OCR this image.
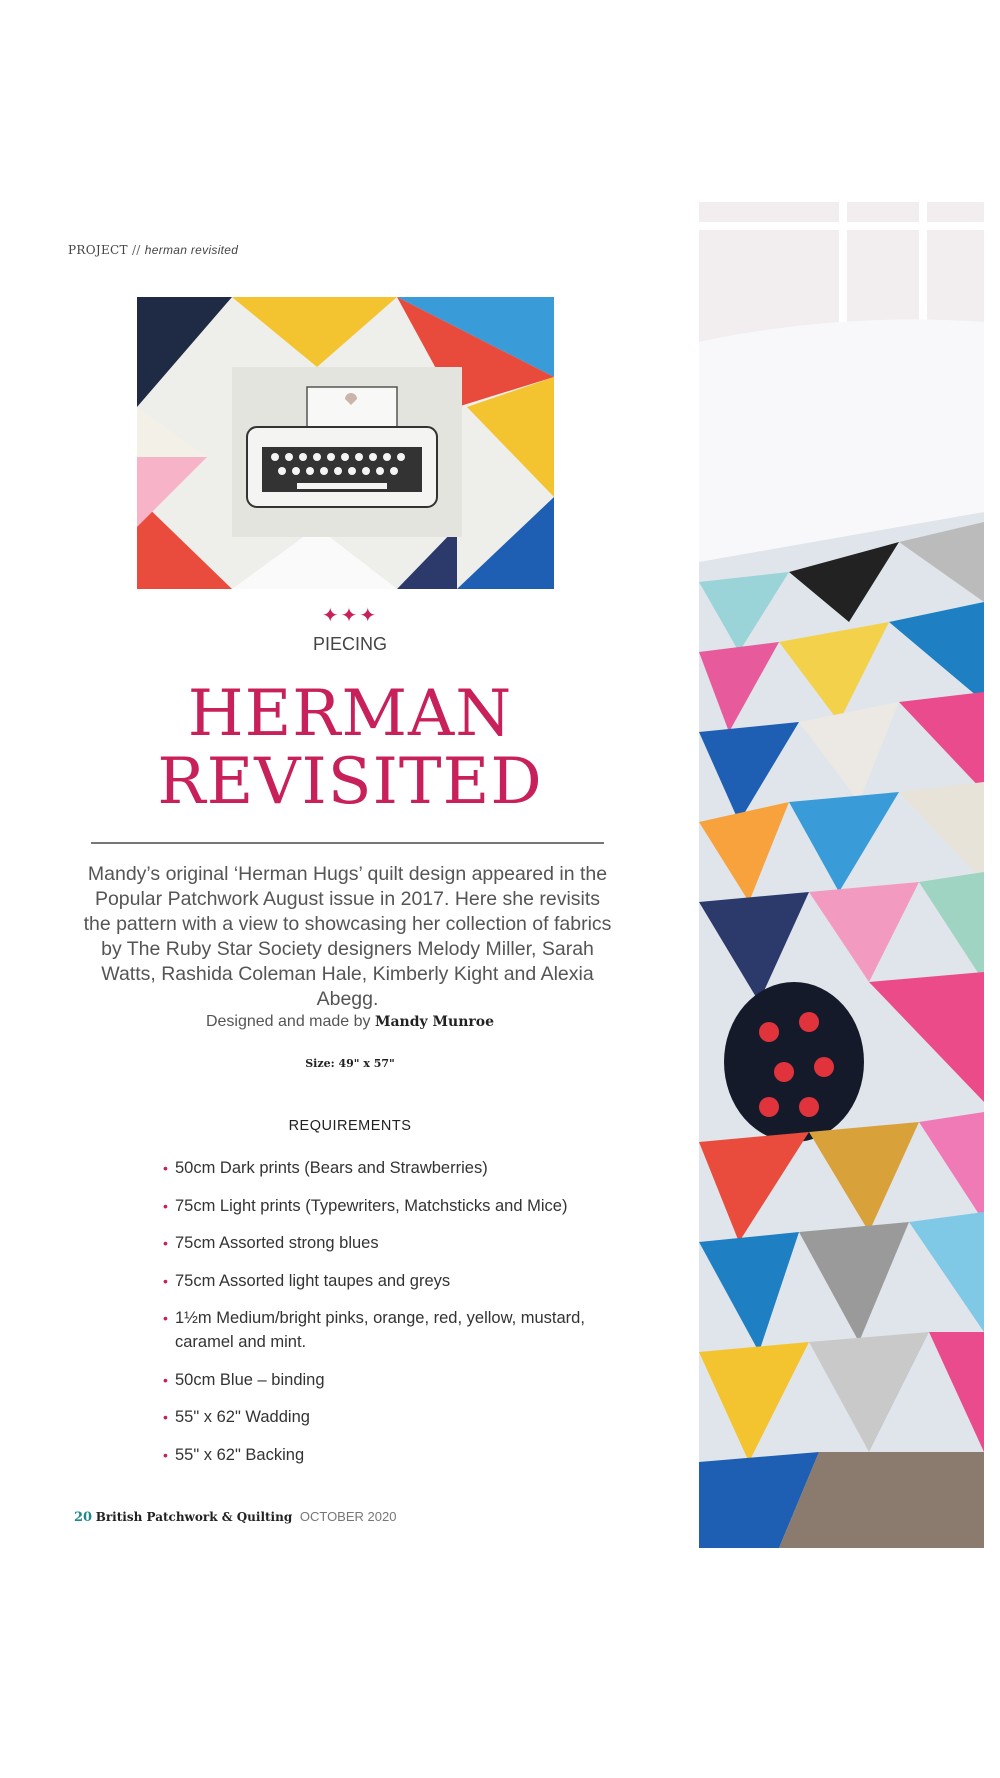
PROJECT // herman revisited
✦✦✦
PIECING
HERMAN
REVISITED
Mandy’s original ‘Herman Hugs’ quilt design appeared in the Popular Patchwork August issue in 2017. Here she revisits the pattern with a view to showcasing her collection of fabrics by The Ruby Star Society designers Melody Miller, Sarah Watts, Rashida Coleman Hale, Kimberly Kight and Alexia Abegg.
Designed and made by Mandy Munroe
Size: 49" x 57"
REQUIREMENTS
• 50cm Dark prints (Bears and Strawberries)
• 75cm Light prints (Typewriters, Matchsticks and Mice)
• 75cm Assorted strong blues
• 75cm Assorted light taupes and greys
• 1½m Medium/bright pinks, orange, red, yellow, mustard, caramel and mint.
• 50cm Blue – binding
• 55" x 62" Wadding
• 55" x 62" Backing
20 British Patchwork & Quilting OCTOBER 2020
